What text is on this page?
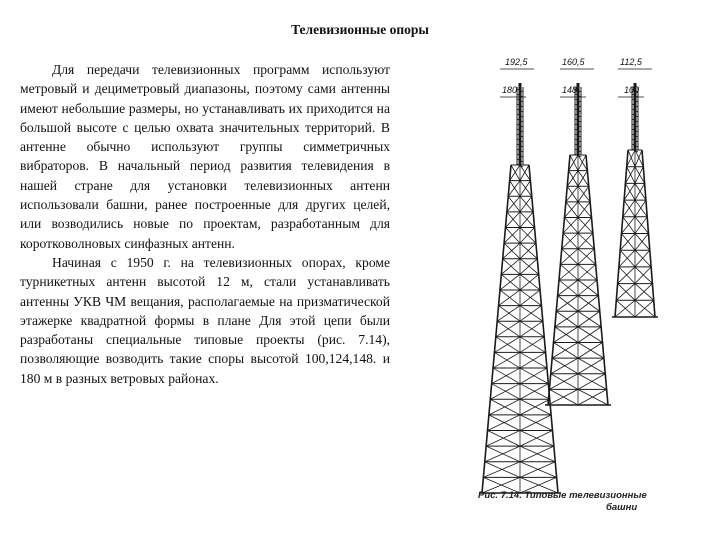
Телевизионные опоры

Для передачи телевизионных программ используют метровый и дециметровый диапазоны, поэтому сами антенны имеют небольшие размеры, но устанавливать их приходится на большой высоте с целью охвата значительных территорий. В антенне обычно используют группы симметричных вибраторов. В начальный период развития телевидения в нашей стране для установки телевизионных антенн использовали башни, ранее построенные для других целей, или возводились новые по проектам, разработанным для коротковолновых синфазных антенн.

Начиная с 1950 г. на телевизионных опорах, кроме турникетных антенн высотой 12 м, стали устанавливать антенны УКВ ЧМ вещания, располагаемые на призматической этажерке квадратной формы в плане Для этой цепи были разработаны специальные типовые проекты (рис. 7.14), позволяющие возводить такие споры высотой 100,124,148. и 180 м в разных ветровых районах.

192,5
180
160,5
148
112,5
100
Рис. 7.14. Типовые телевизионные
башни
